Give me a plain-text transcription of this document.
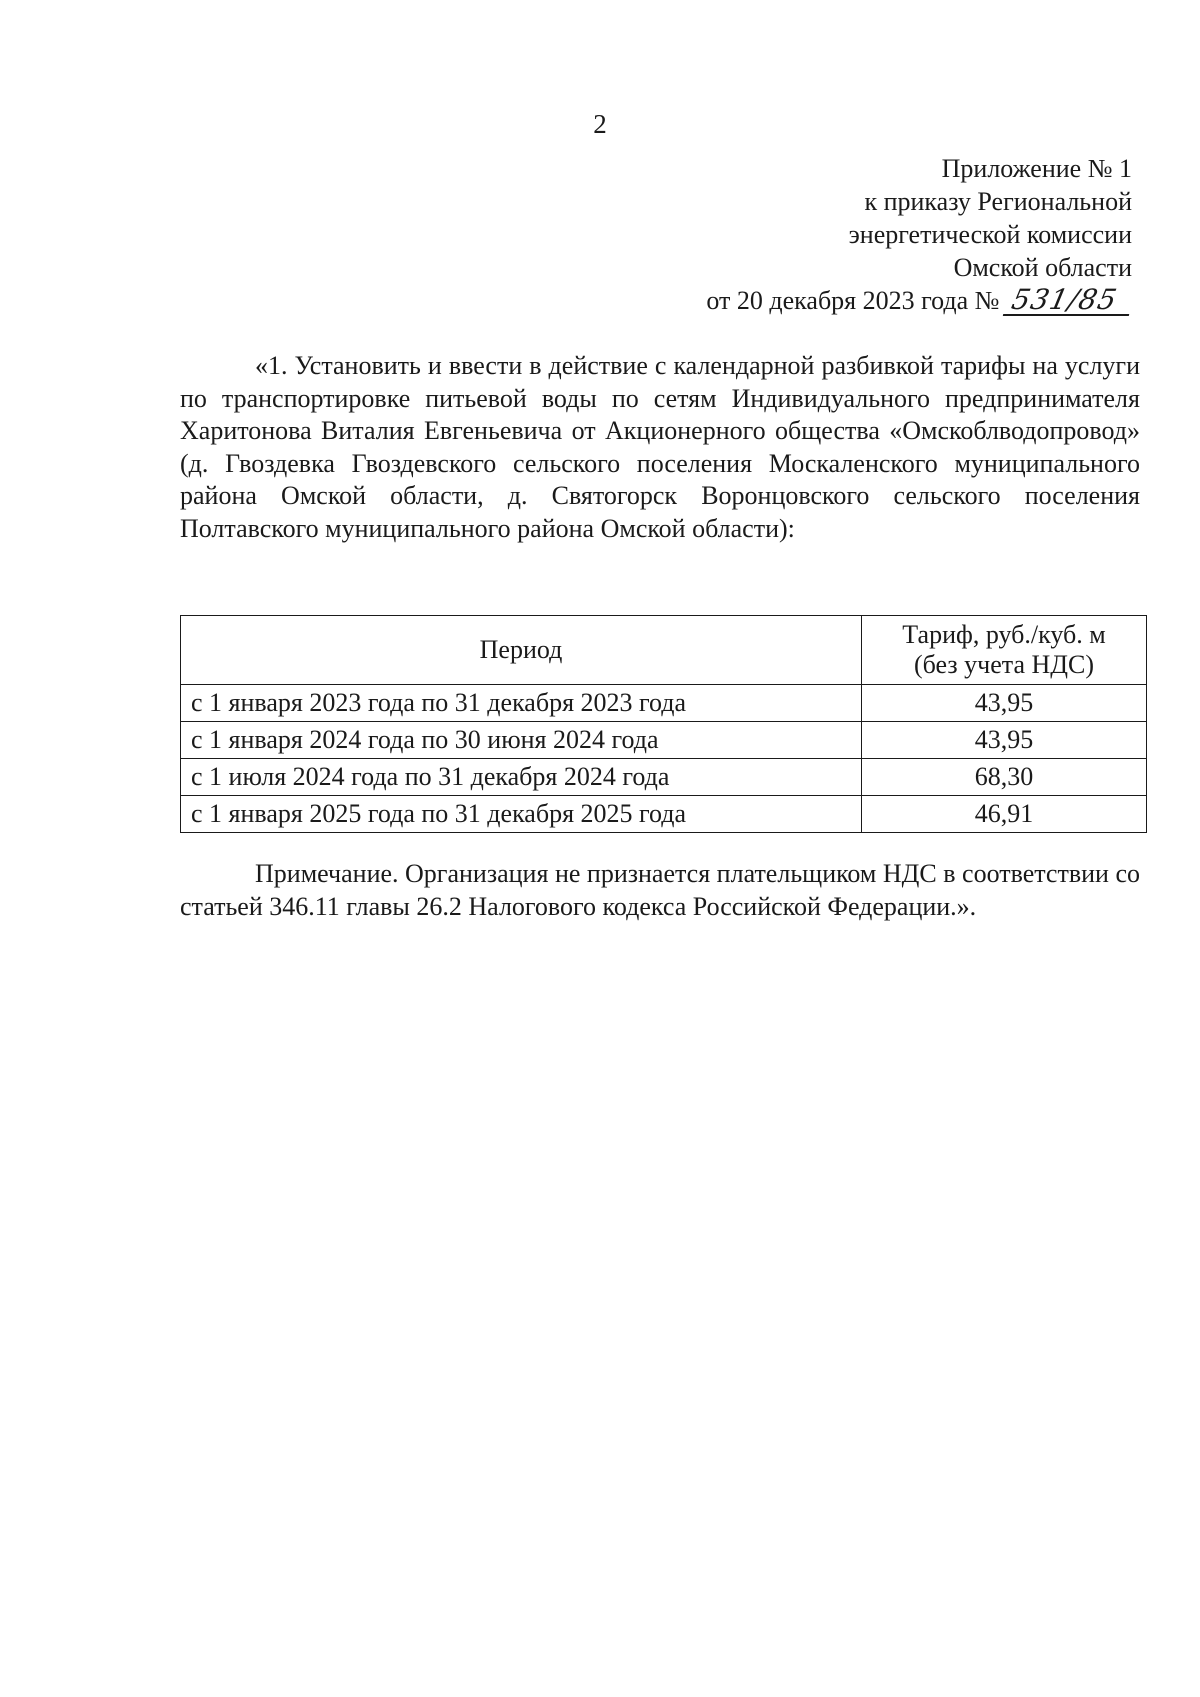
2
Приложение № 1
к приказу Региональной
энергетической комиссии
Омской области
от 20 декабря 2023 года № 531/85

«1. Установить и ввести в действие с календарной разбивкой тарифы на услуги по транспортировке питьевой воды по сетям Индивидуального предпринимателя Харитонова Виталия Евгеньевича от Акционерного общества «Омскоблводопровод» (д. Гвоздевка Гвоздевского сельского поселения Москаленского муниципального района Омской области, д. Святогорск Воронцовского сельского поселения Полтавского муниципального района Омской области):

Период	Тариф, руб./куб. м
(без учета НДС)

с 1 января 2023 года по 31 декабря 2023 года	43,95
с 1 января 2024 года по 30 июня 2024 года	43,95
с 1 июля 2024 года по 31 декабря 2024 года	68,30
с 1 января 2025 года по 31 декабря 2025 года	46,91

Примечание. Организация не признается плательщиком НДС в соответствии со статьей 346.11 главы 26.2 Налогового кодекса Российской Федерации.».
